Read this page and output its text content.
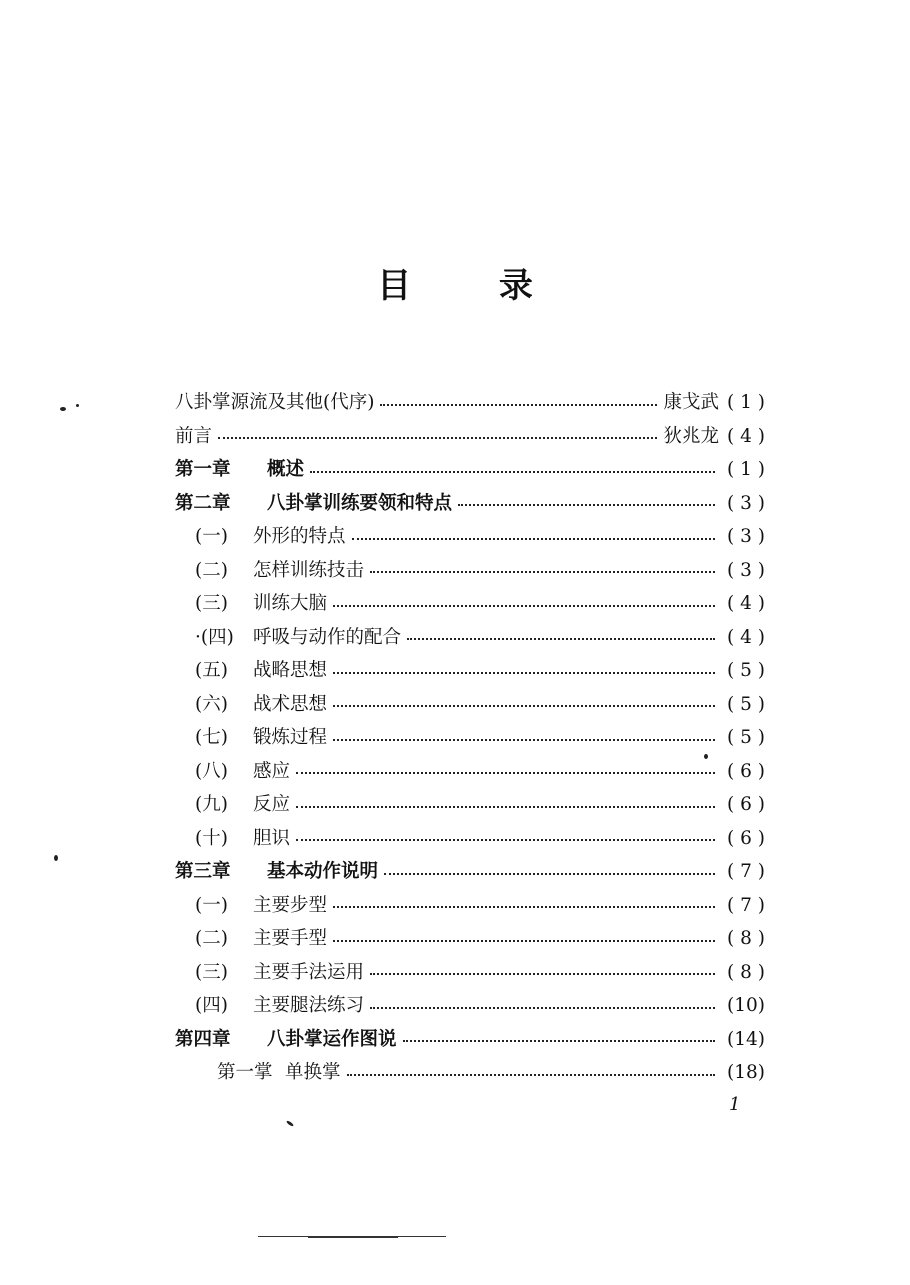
目 录
八卦掌源流及其他(代序)	康戈武 ( 1 )
前言	狄兆龙 ( 4 )
第一章	概述	( 1 )
第二章	八卦掌训练要领和特点	( 3 )
(一)	外形的特点	( 3 )
(二)	怎样训练技击	( 3 )
(三)	训练大脑	( 4 )
·(四)	呼吸与动作的配合	( 4 )
(五)	战略思想	( 5 )
(六)	战术思想	( 5 )
(七)	锻炼过程	( 5 )
(八)	感应	( 6 )
(九)	反应	( 6 )
(十)	胆识	( 6 )
第三章	基本动作说明	( 7 )
(一)	主要步型	( 7 )
(二)	主要手型	( 8 )
(三)	主要手法运用	( 8 )
(四)	主要腿法练习	(10)
第四章	八卦掌运作图说	(14)
第一掌 单换掌	(18)
1
